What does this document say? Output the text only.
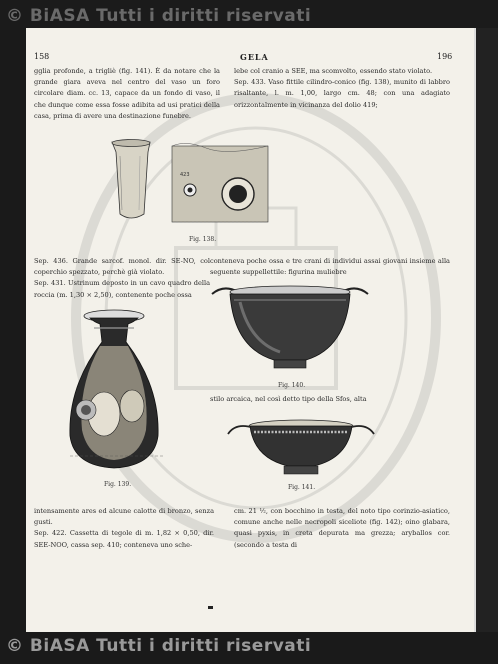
158	GELA	196

gglia profonde, a trigliè (fig. 141). È da notare che la grande giara aveva nel centro del vaso un foro circolare diam. cc. 13, capace da un fondo di vaso, il che dunque come essa fosse adibita ad usi pratici della casa, prima di avere una destinazione funebre.

lebe col cranio a SEE, ma scomvolto, essendo stato violato.
Sep. 433. Vaso fittile cilindro-conico (fig. 138), munito di labbro risaltante, l. m. 1,00, largo cm. 48; con una adagiato orizzontalmente in vicinanza del dolio 419;
423
Fig. 138.
Sep. 436. Grande sarcof. monol. dir. SE-NO, col coperchio spezzato, perchè già violato.
Sep. 431. Ustrinum deposto in un cavo quadro della roccia (m. 1,30 × 2,50), contenente poche ossa

conteneva poche ossa e tre crani di individui assai giovani insieme alla seguente suppellettile: figurina muliebre

Fig. 139.
Fig. 140.

stilo arcaica, nel così detto tipo della Sfos, alta

Fig. 141.
intensamente ares ed alcune calotte di bronzo, senza gusti.
Sep. 422. Cassetta di tegole di m. 1,82 × 0,50, dir. SEE-NOO, cassa sep. 410; conteneva uno sche-

cm. 21 ½, con bocchino in testa, del noto tipo corinzio-asiatico, comune anche nelle necropoli siceliote (fig. 142); oino glabara, quasi pyxis, in creta depurata ma grezza; aryballos cor. (secondo a testa di

© BiASA Tutti i diritti riservati
© BiASA Tutti i diritti riservati
